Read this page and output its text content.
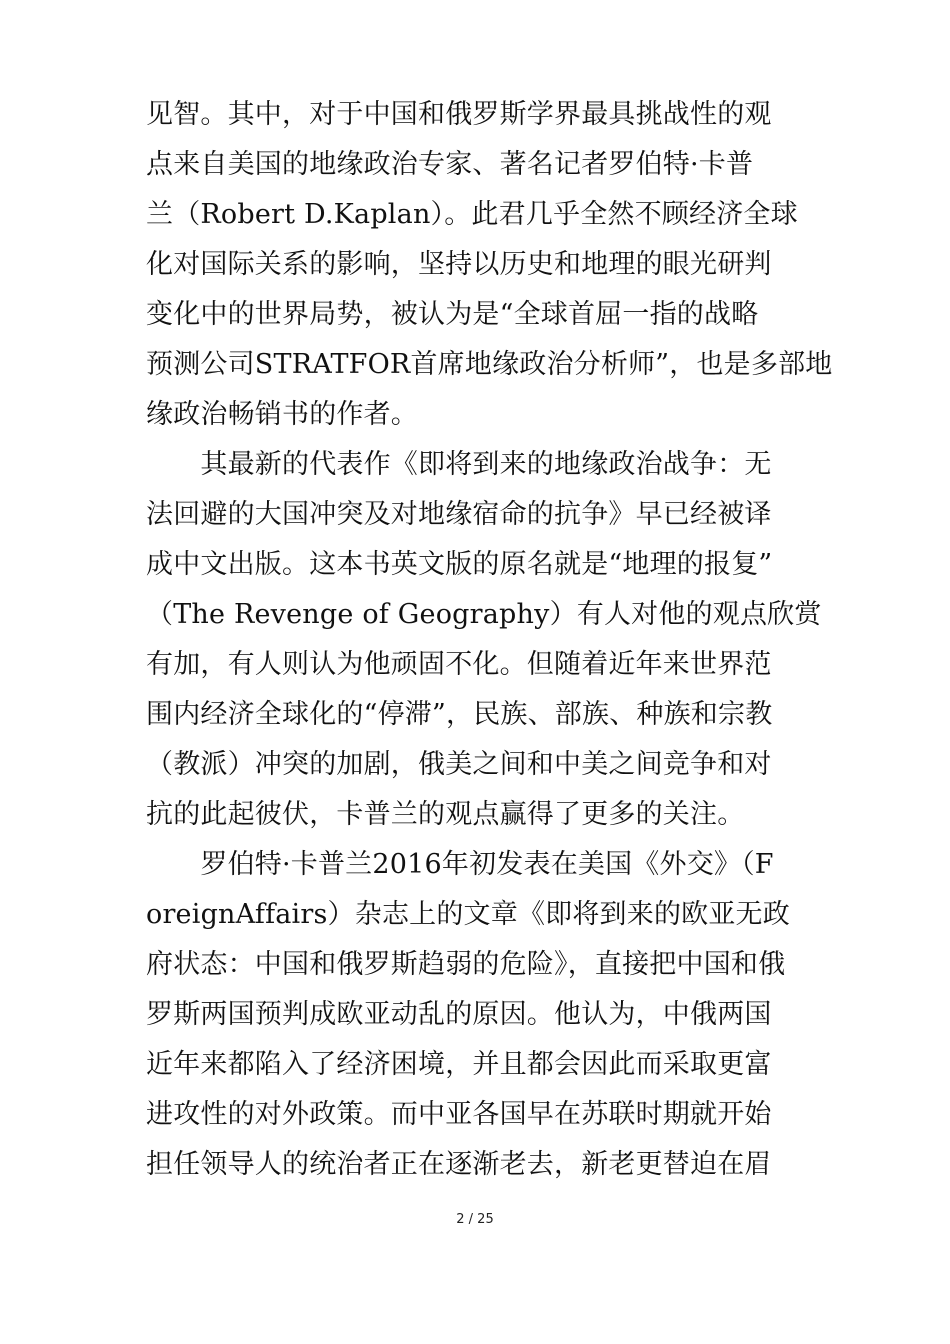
见智。其中，对于中国和俄罗斯学界最具挑战性的观
点来自美国的地缘政治专家、著名记者罗伯特·卡普
兰（Robert D.Kaplan）。此君几乎全然不顾经济全球
化对国际关系的影响，坚持以历史和地理的眼光研判
变化中的世界局势，被认为是“全球首屈一指的战略
预测公司STRATFOR首席地缘政治分析师”，也是多部地
缘政治畅销书的作者。
　　其最新的代表作《即将到来的地缘政治战争：无
法回避的大国冲突及对地缘宿命的抗争》早已经被译
成中文出版。这本书英文版的原名就是“地理的报复”
（The Revenge of Geography）有人对他的观点欣赏
有加，有人则认为他顽固不化。但随着近年来世界范
围内经济全球化的“停滞”，民族、部族、种族和宗教
（教派）冲突的加剧，俄美之间和中美之间竞争和对
抗的此起彼伏，卡普兰的观点赢得了更多的关注。
　　罗伯特·卡普兰2016年初发表在美国《外交》（F
oreignAffairs）杂志上的文章《即将到来的欧亚无政
府状态：中国和俄罗斯趋弱的危险》，直接把中国和俄
罗斯两国预判成欧亚动乱的原因。他认为，中俄两国
近年来都陷入了经济困境，并且都会因此而采取更富
进攻性的对外政策。而中亚各国早在苏联时期就开始
担任领导人的统治者正在逐渐老去，新老更替迫在眉
2 / 25
